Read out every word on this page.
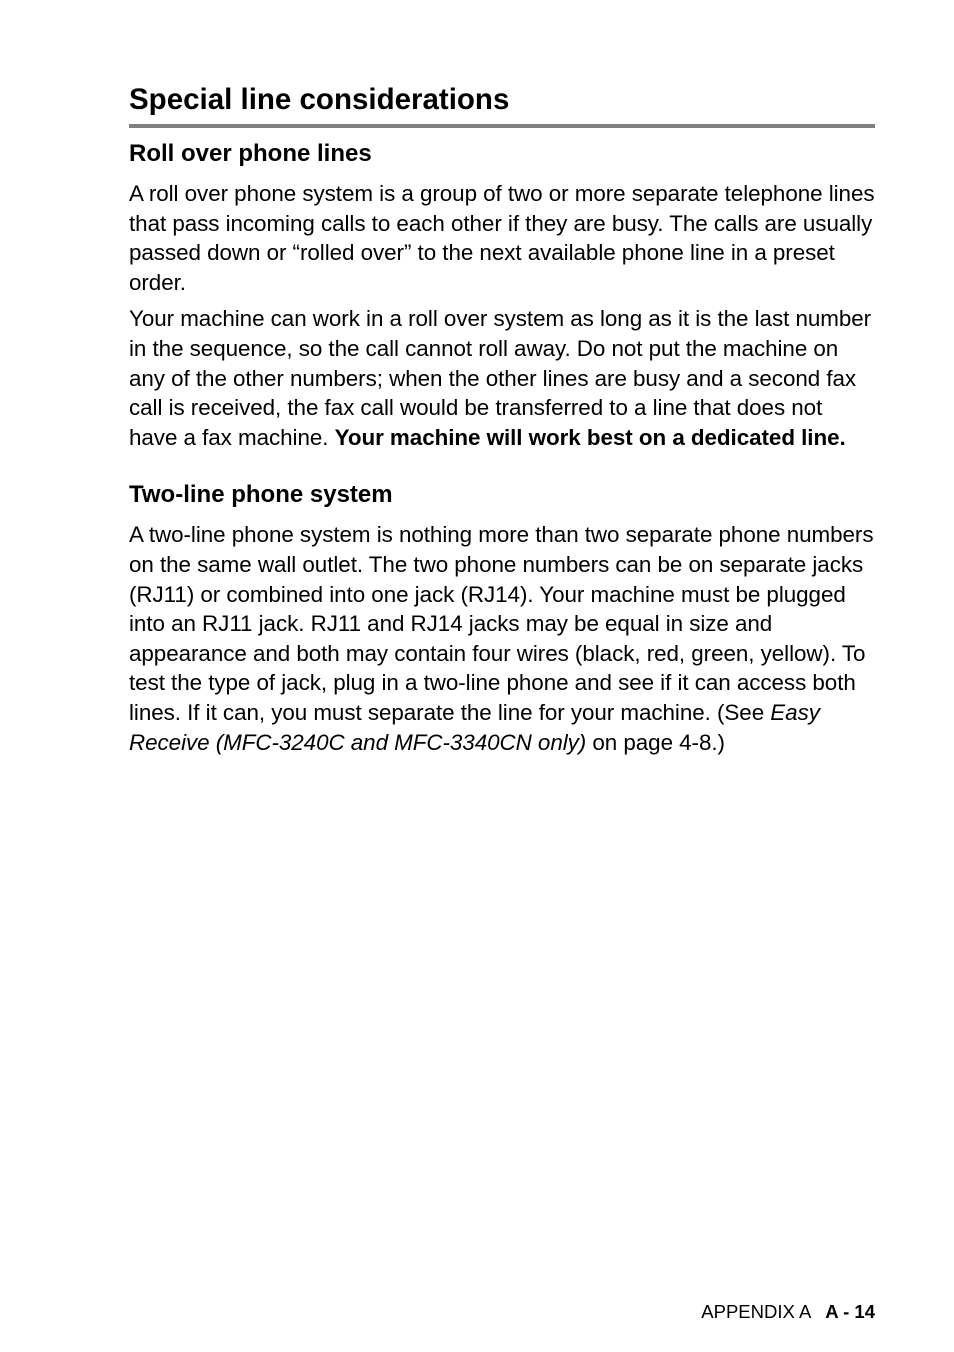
Special line considerations
Roll over phone lines

A roll over phone system is a group of two or more separate telephone lines that pass incoming calls to each other if they are busy. The calls are usually passed down or “rolled over” to the next available phone line in a preset order.

Your machine can work in a roll over system as long as it is the last number in the sequence, so the call cannot roll away. Do not put the machine on any of the other numbers; when the other lines are busy and a second fax call is received, the fax call would be transferred to a line that does not have a fax machine. Your machine will work best on a dedicated line.

Two-line phone system

A two-line phone system is nothing more than two separate phone numbers on the same wall outlet. The two phone numbers can be on separate jacks (RJ11) or combined into one jack (RJ14). Your machine must be plugged into an RJ11 jack. RJ11 and RJ14 jacks may be equal in size and appearance and both may contain four wires (black, red, green, yellow). To test the type of jack, plug in a two-line phone and see if it can access both lines. If it can, you must separate the line for your machine. (See Easy Receive (MFC-3240C and MFC-3340CN only) on page 4-8.)

APPENDIX A A - 14
